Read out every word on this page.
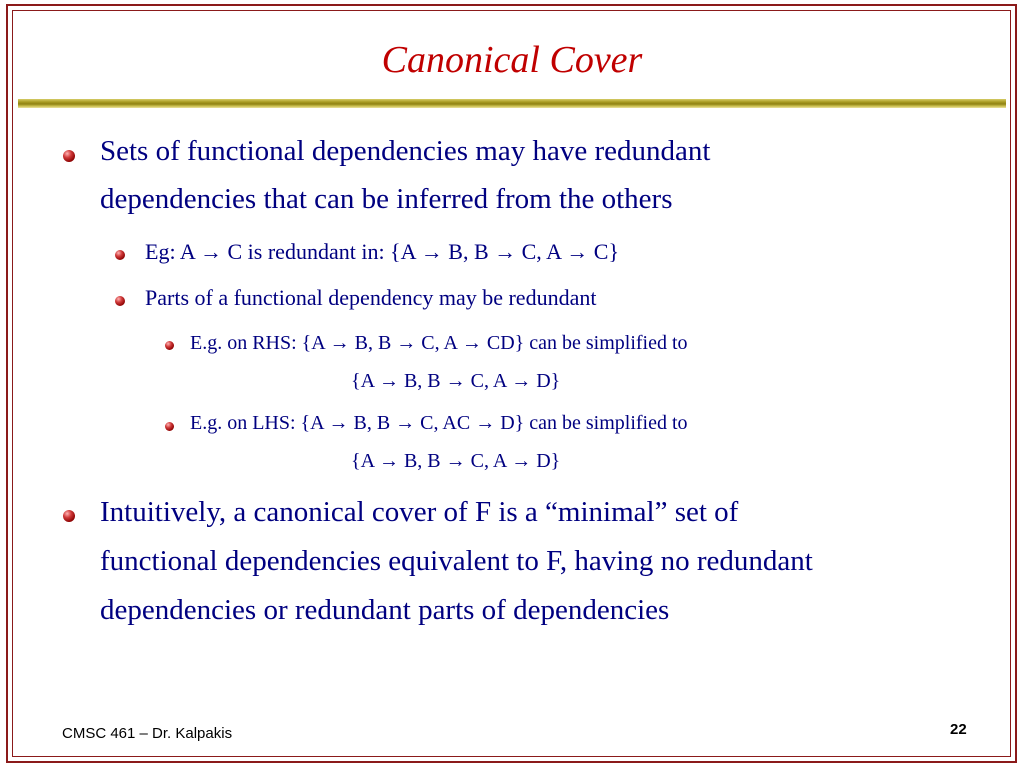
Canonical Cover
Sets of functional dependencies may have redundant
dependencies that can be inferred from the others
Eg: A → C is redundant in: {A → B, B → C, A → C}
Parts of a functional dependency may be redundant
E.g. on RHS: {A → B, B → C, A → CD} can be simplified to
{A → B, B → C, A → D}
E.g. on LHS: {A → B, B → C, AC → D} can be simplified to
{A → B, B → C, A → D}
Intuitively, a canonical cover of F is a “minimal” set of
functional dependencies equivalent to F, having no redundant
dependencies or redundant parts of dependencies
CMSC 461 – Dr. Kalpakis	22
